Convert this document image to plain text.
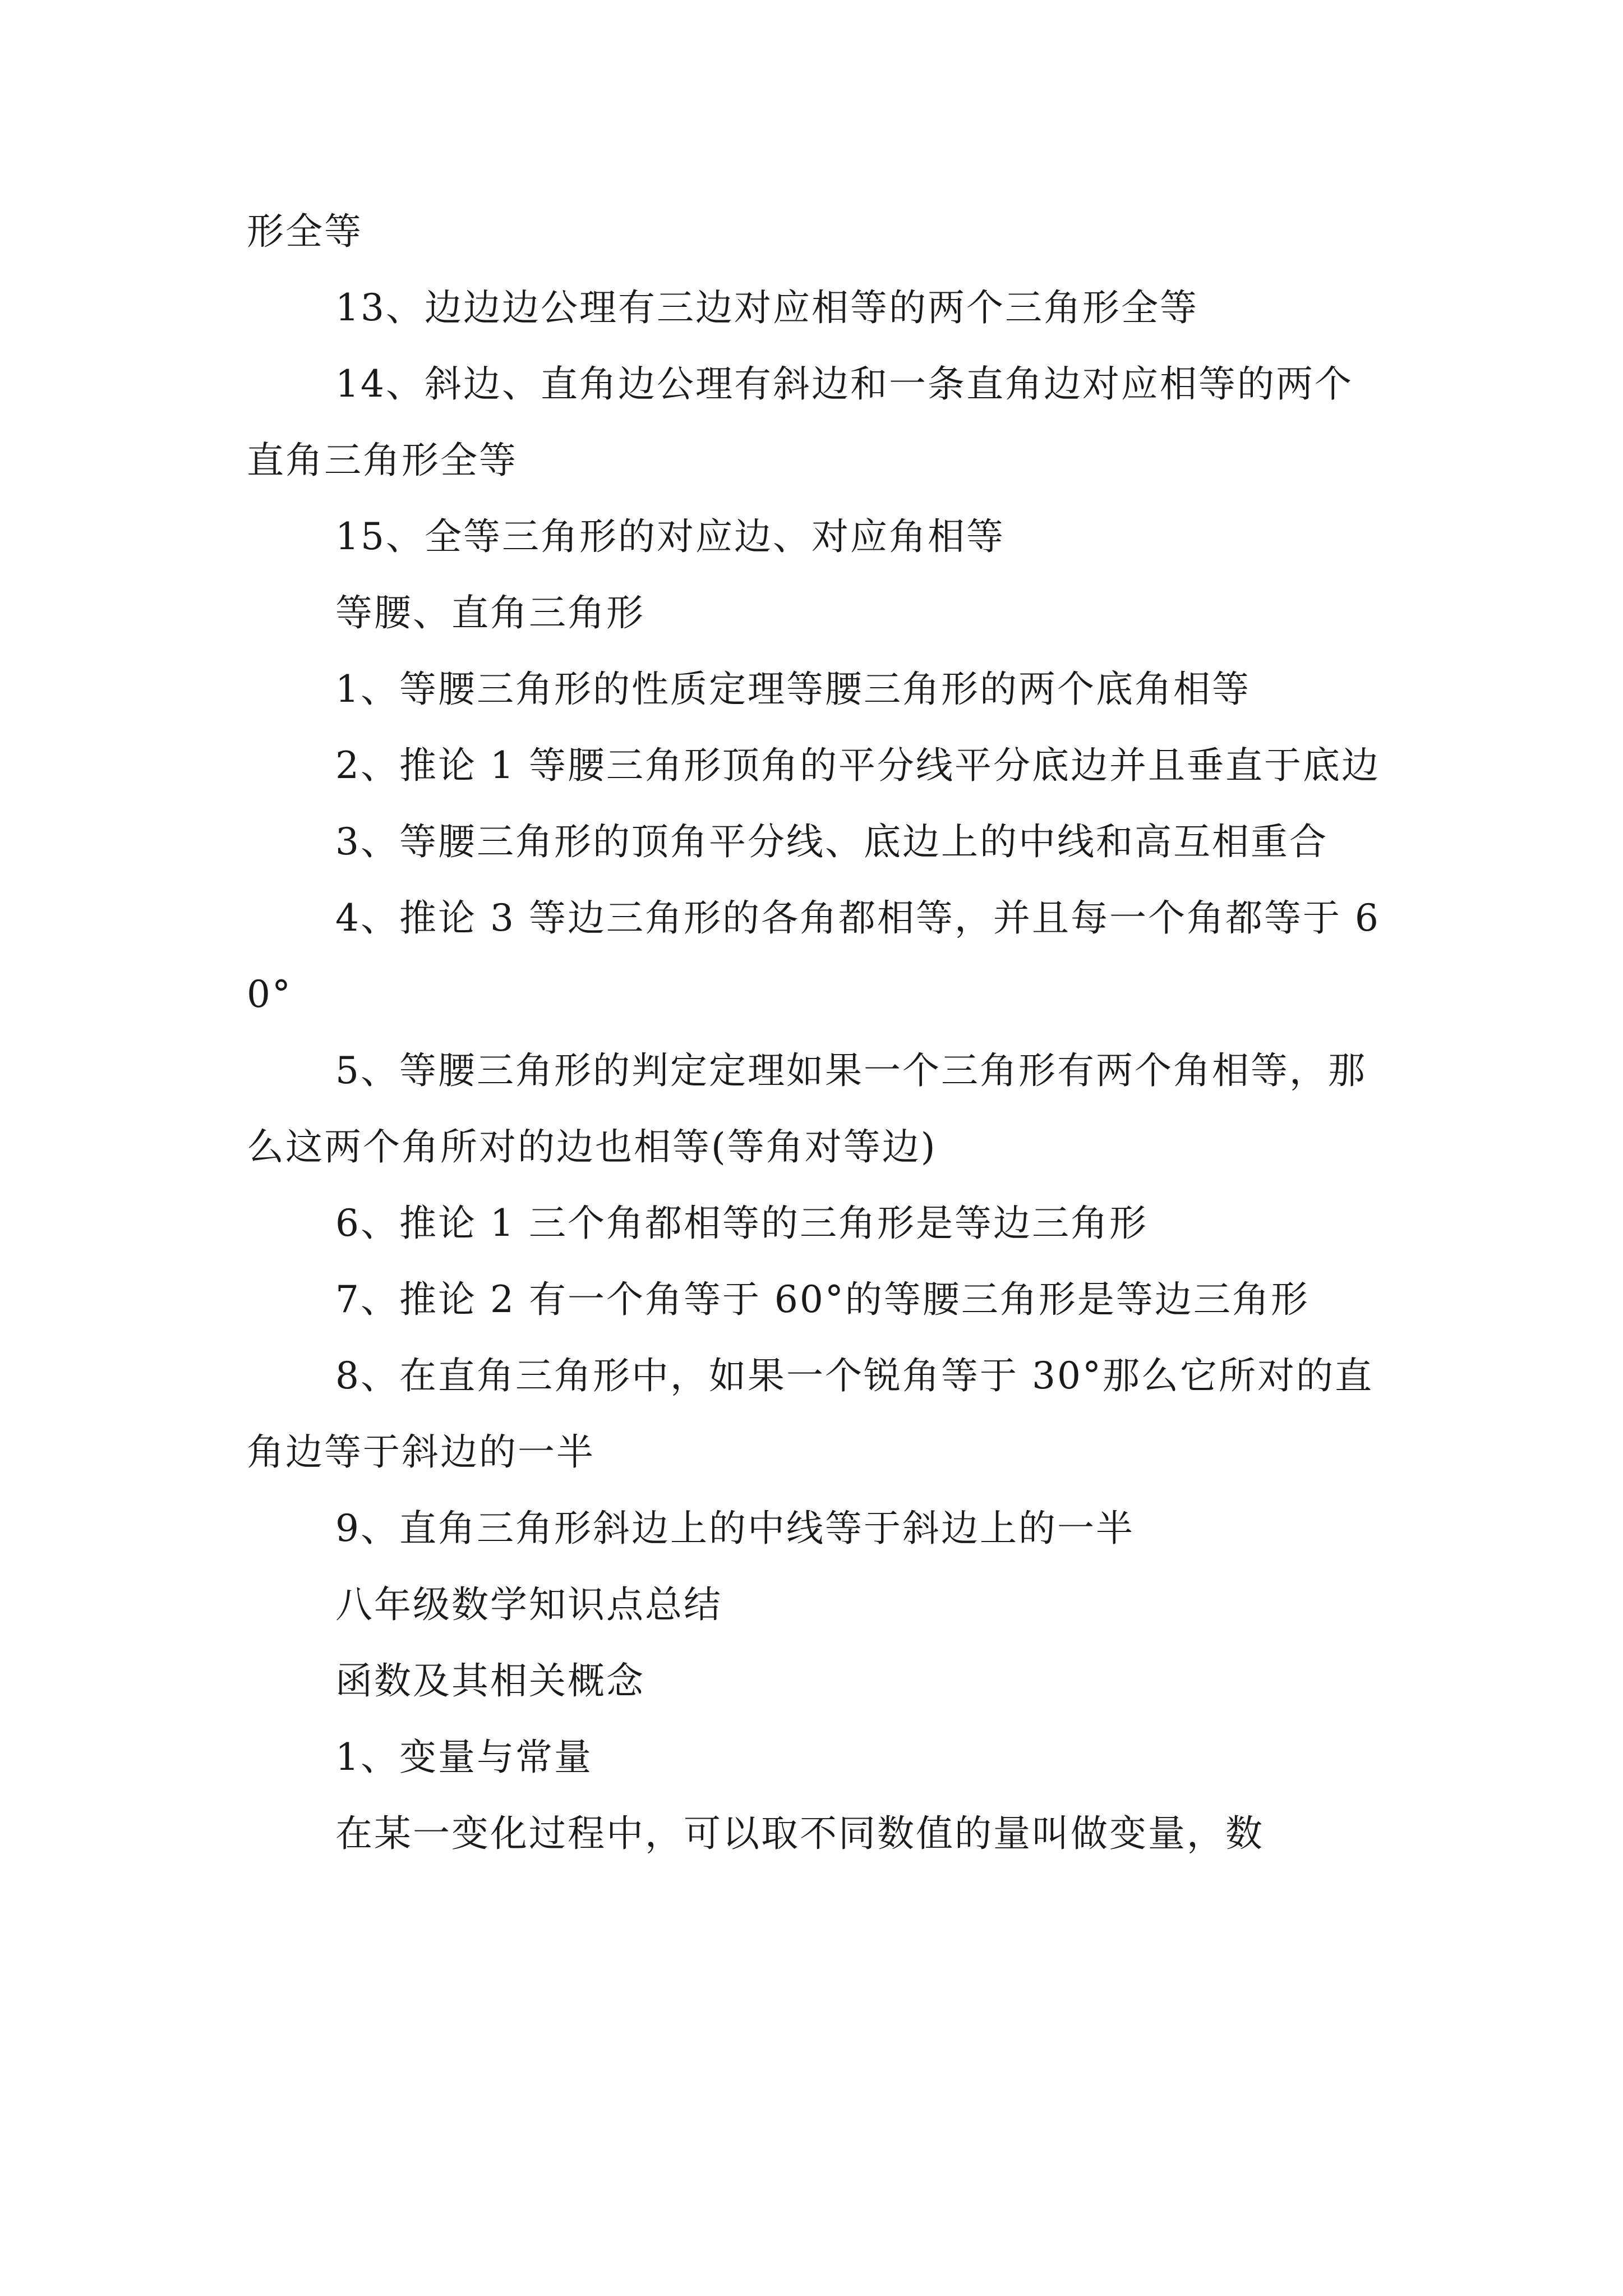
形全等

13、边边边公理有三边对应相等的两个三角形全等

14、斜边、直角边公理有斜边和一条直角边对应相等的两个直角三角形全等

15、全等三角形的对应边、对应角相等

等腰、直角三角形

1、等腰三角形的性质定理等腰三角形的两个底角相等

2、推论 1 等腰三角形顶角的平分线平分底边并且垂直于底边

3、等腰三角形的顶角平分线、底边上的中线和高互相重合

4、推论 3 等边三角形的各角都相等，并且每一个角都等于 60°

5、等腰三角形的判定定理如果一个三角形有两个角相等，那么这两个角所对的边也相等(等角对等边)

6、推论 1 三个角都相等的三角形是等边三角形

7、推论 2 有一个角等于 60°的等腰三角形是等边三角形

8、在直角三角形中，如果一个锐角等于 30°那么它所对的直角边等于斜边的一半

9、直角三角形斜边上的中线等于斜边上的一半

八年级数学知识点总结

函数及其相关概念

1、变量与常量

在某一变化过程中，可以取不同数值的量叫做变量，数
